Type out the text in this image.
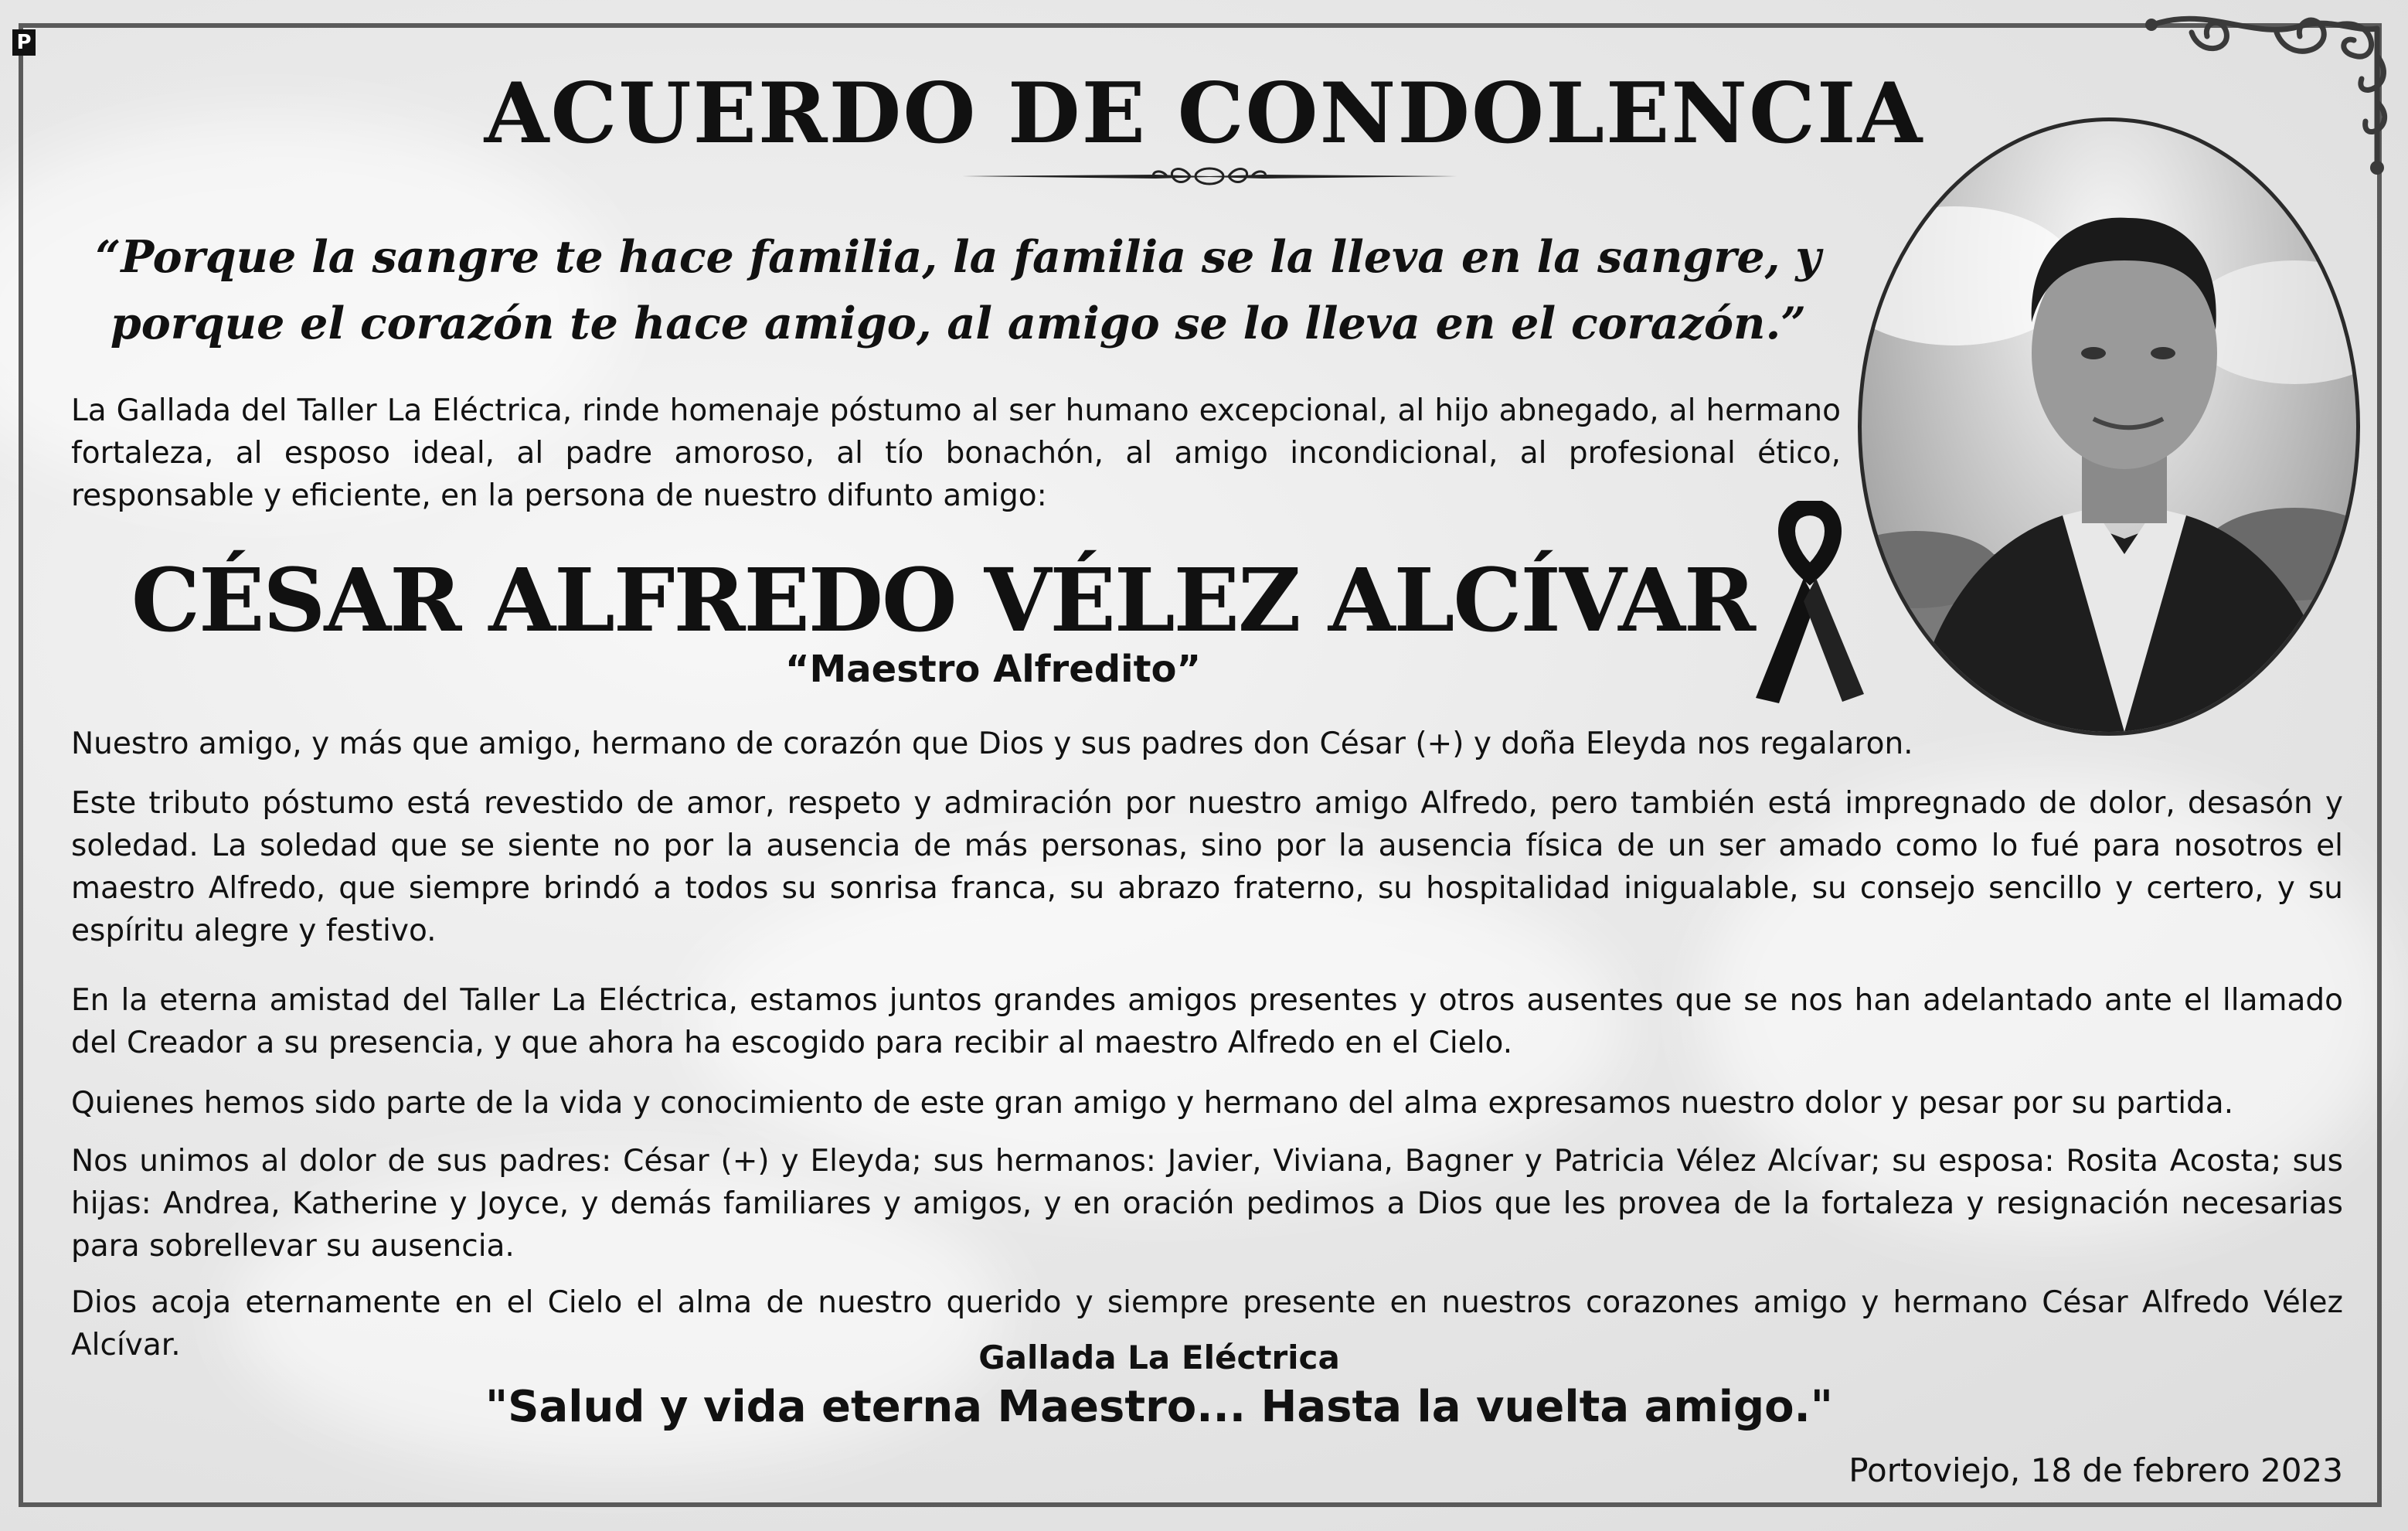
P
ACUERDO DE CONDOLENCIA
“Porque la sangre te hace familia, la familia se la lleva en la sangre, y porque el corazón te hace amigo, al amigo se lo lleva en el corazón.”

La Gallada del Taller La Eléctrica, rinde homenaje póstumo al ser humano excepcional, al hijo abnegado, al hermano fortaleza, al esposo ideal, al padre amoroso, al tío bonachón, al amigo incondicional, al profesional ético, responsable y eficiente, en la persona de nuestro difunto amigo:

CÉSAR ALFREDO VÉLEZ ALCÍVAR
“Maestro Alfredito”

Nuestro amigo, y más que amigo, hermano de corazón que Dios y sus padres don César (+) y doña Eleyda nos regalaron.

Este tributo póstumo está revestido de amor, respeto y admiración por nuestro amigo Alfredo, pero también está impregnado de dolor, desasón y soledad. La soledad que se siente no por la ausencia de más personas, sino por la ausencia física de un ser amado como lo fué para nosotros el maestro Alfredo, que siempre brindó a todos su sonrisa franca, su abrazo fraterno, su hospitalidad inigualable, su consejo sencillo y certero, y su espíritu alegre y festivo.

En la eterna amistad del Taller La Eléctrica, estamos juntos grandes amigos presentes y otros ausentes que se nos han adelantado ante el llamado del Creador a su presencia, y que ahora ha escogido para recibir al maestro Alfredo en el Cielo.

Quienes hemos sido parte de la vida y conocimiento de este gran amigo y hermano del alma expresamos nuestro dolor y pesar por su partida.

Nos unimos al dolor de sus padres: César (+) y Eleyda; sus hermanos: Javier, Viviana, Bagner y Patricia Vélez Alcívar; su esposa: Rosita Acosta; sus hijas: Andrea, Katherine y Joyce, y demás familiares y amigos, y en oración pedimos a Dios que les provea de la fortaleza y resignación necesarias para sobrellevar su ausencia.

Dios acoja eternamente en el Cielo el alma de nuestro querido y siempre presente en nuestros corazones amigo y hermano César Alfredo Vélez Alcívar.	Gallada La Eléctrica
"Salud y vida eterna Maestro... Hasta la vuelta amigo."
Portoviejo, 18 de febrero 2023
